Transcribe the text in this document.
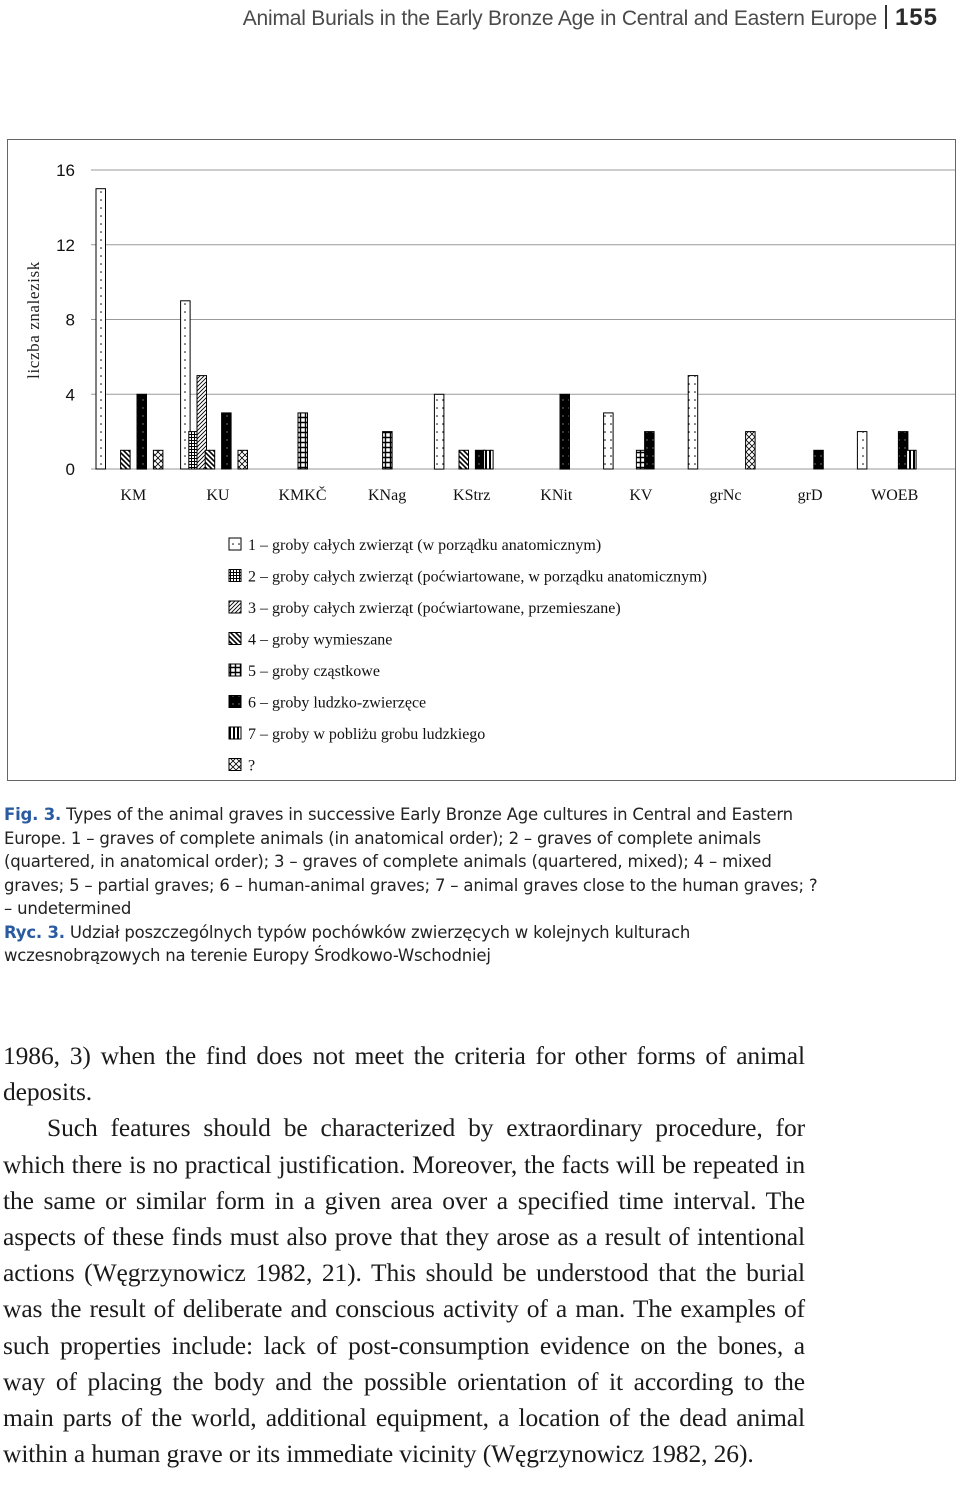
Animal Burials in the Early Bronze Age in Central and Eastern Europe 155
0
4
8
12
16
KM	KU	KMKČ	KNag	KStrz	KNit	KV	grNc	grD	WOEB
1 – groby całych zwierząt (w porządku anatomicznym)
2 – groby całych zwierząt (poćwiartowane, w porządku anatomicznym)
3 – groby całych zwierząt (poćwiartowane, przemieszane)
4 – groby wymieszane
5 – groby cząstkowe
6 – groby ludzko-zwierzęce
7 – groby w pobliżu grobu ludzkiego
?
liczba znalezisk

Fig. 3. Types of the animal graves in successive Early Bronze Age cultures in Central and Eastern Europe. 1 – graves of complete animals (in anatomical order); 2 – graves of complete animals (quartered, in anatomical order); 3 – graves of complete animals (quartered, mixed); 4 – mixed graves; 5 – partial graves; 6 – human-animal graves; 7 – animal graves close to the human graves; ? – undetermined

Ryc. 3. Udział poszczególnych typów pochówków zwierzęcych w kolejnych kulturach wczesnobrązowych na terenie Europy Środkowo-Wschodniej

1986, 3) when the find does not meet the criteria for other forms of animal deposits.

Such features should be characterized by extraordinary procedure, for which there is no practical justification. Moreover, the facts will be repeated in the same or similar form in a given area over a specified time interval. The aspects of these finds must also prove that they arose as a result of intentional actions (Węgrzynowicz 1982, 21). This should be understood that the burial was the result of deliberate and conscious activity of a man. The examples of such properties include: lack of post-consumption evidence on the bones, a way of placing the body and the possible orientation of it according to the main parts of the world, additional equipment, a location of the dead animal within a human grave or its immediate vicinity (Węgrzynowicz 1982, 26).
